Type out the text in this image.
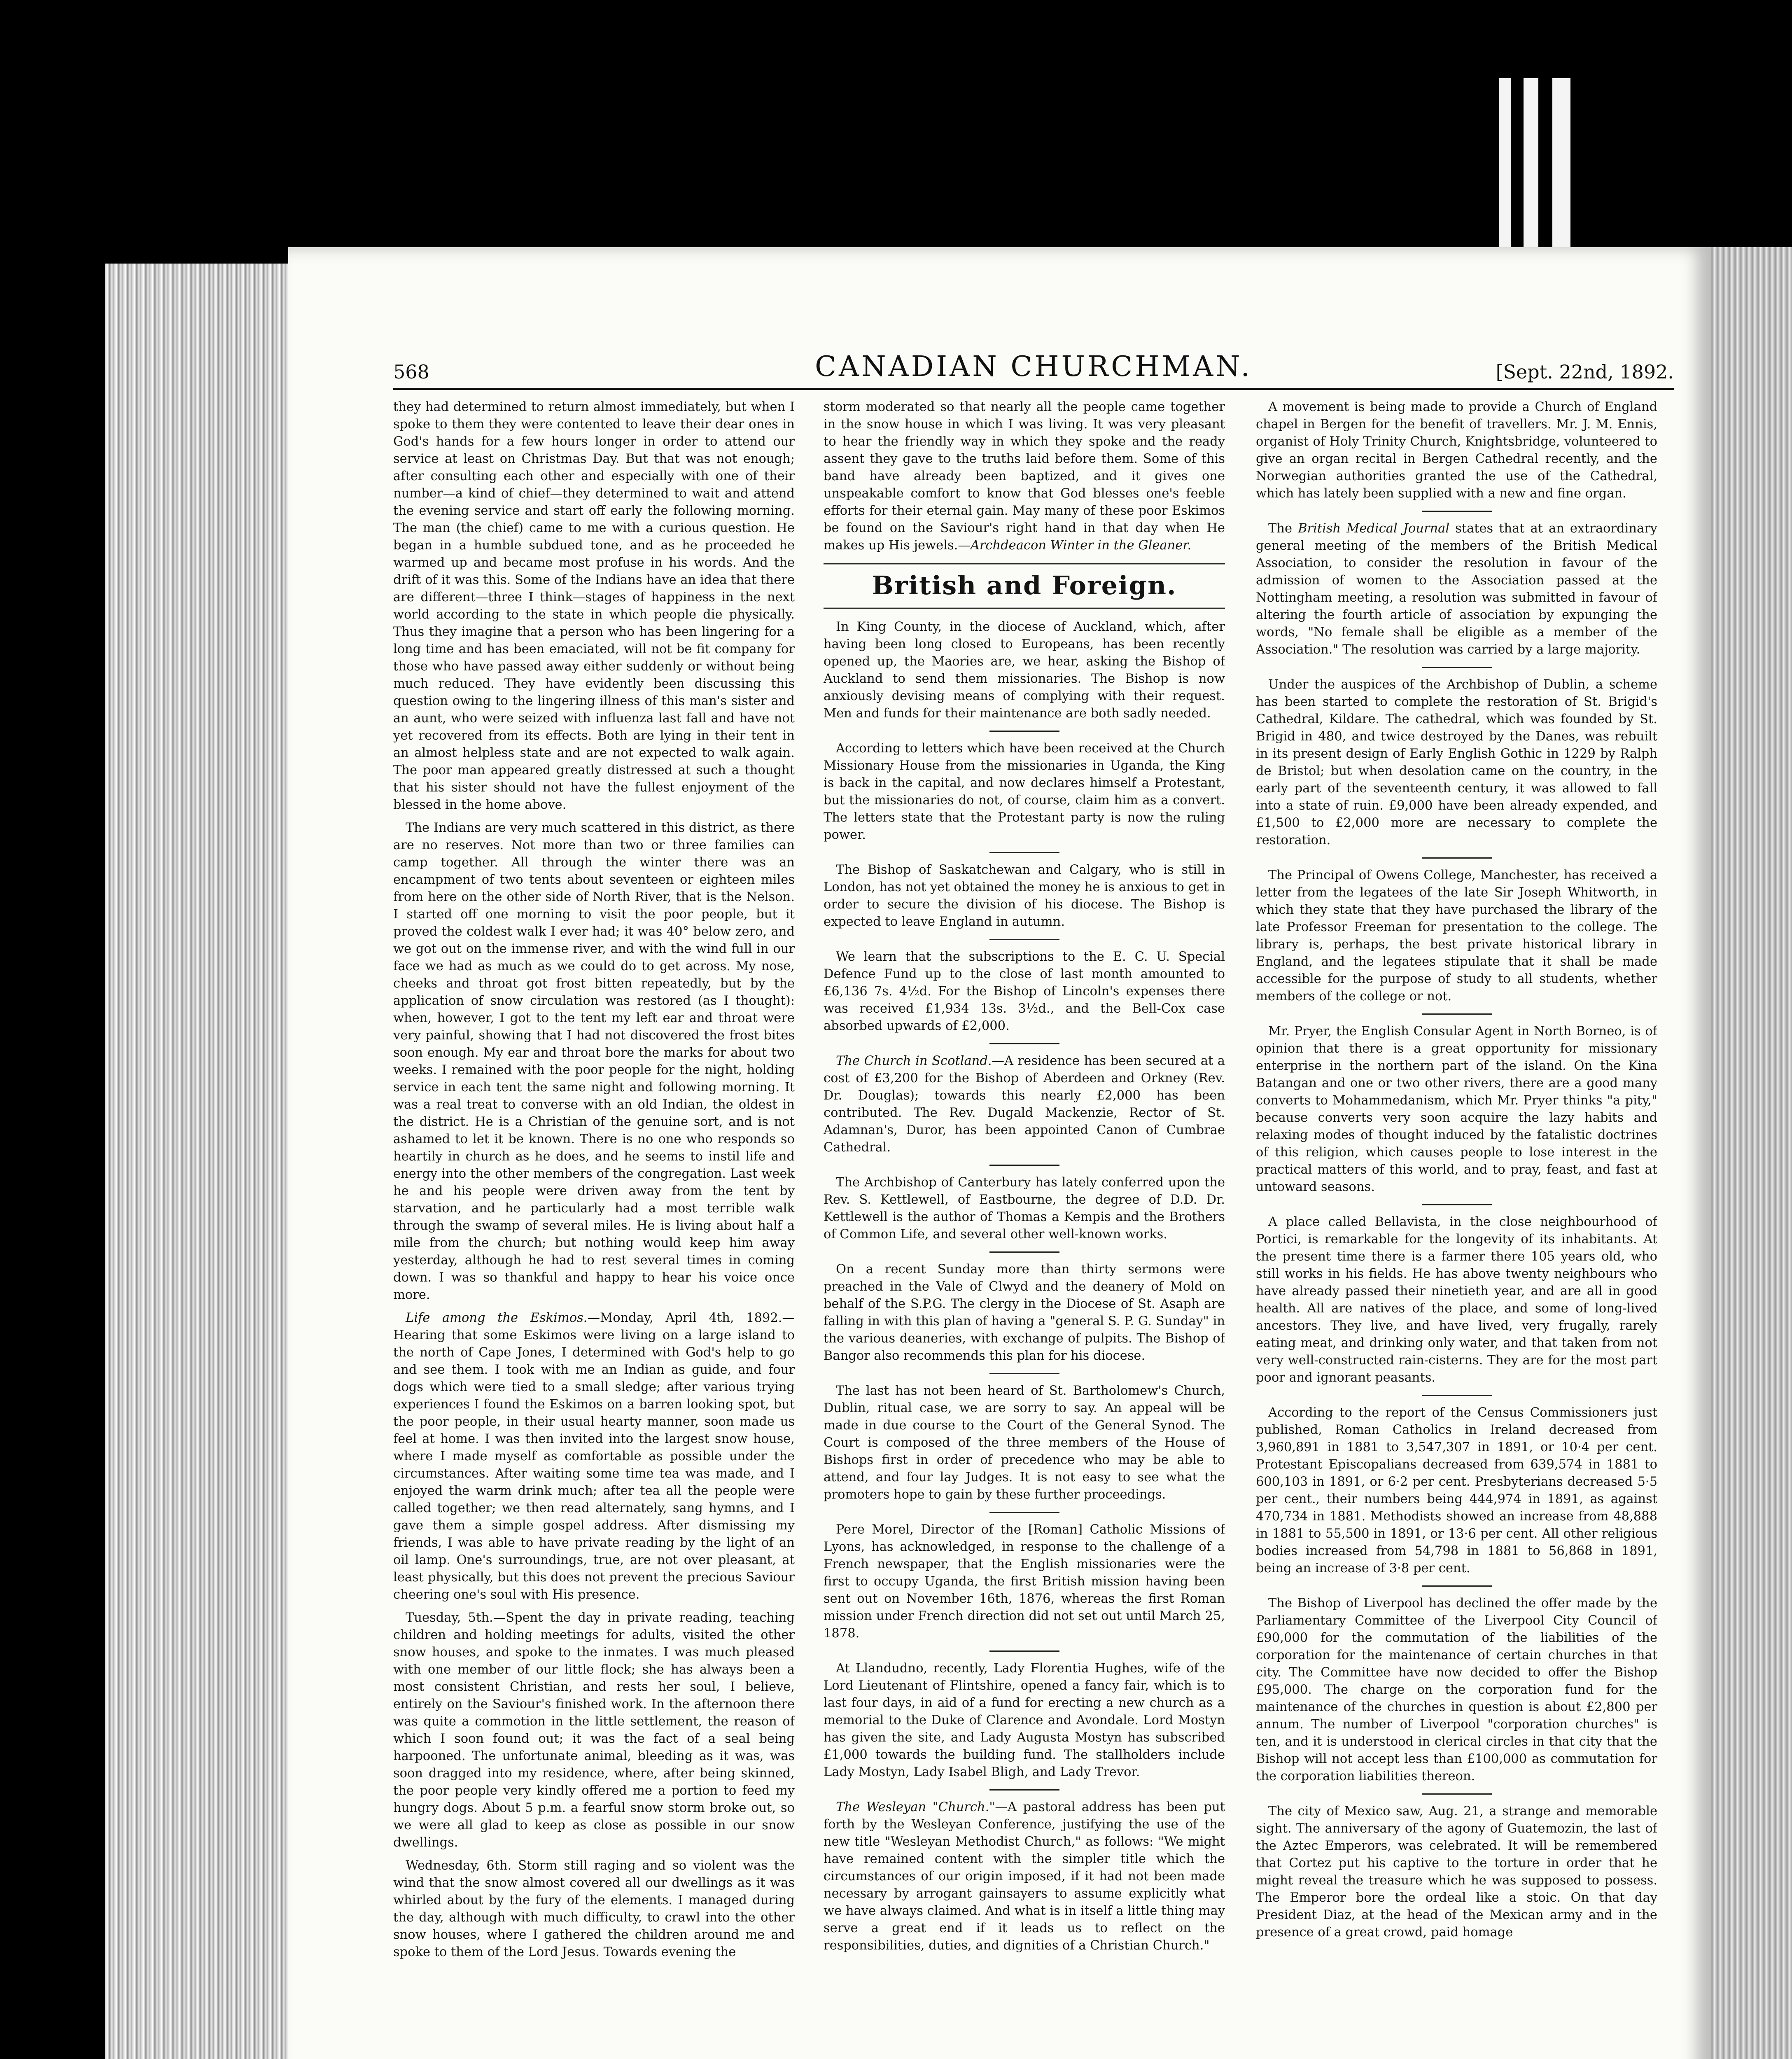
568	CANADIAN CHURCHMAN.	[Sept. 22nd, 1892.

they had determined to return almost immediately, but when I spoke to them they were contented to leave their dear ones in God's hands for a few hours longer in order to attend our service at least on Christmas Day. But that was not enough; after consulting each other and especially with one of their number—a kind of chief—they determined to wait and attend the evening service and start off early the following morning. The man (the chief) came to me with a curious question. He began in a humble subdued tone, and as he proceeded he warmed up and became most profuse in his words. And the drift of it was this. Some of the Indians have an idea that there are different—three I think—stages of happiness in the next world according to the state in which people die physically. Thus they imagine that a person who has been lingering for a long time and has been emaciated, will not be fit company for those who have passed away either suddenly or without being much reduced. They have evidently been discussing this question owing to the lingering illness of this man's sister and an aunt, who were seized with influenza last fall and have not yet recovered from its effects. Both are lying in their tent in an almost helpless state and are not expected to walk again. The poor man appeared greatly distressed at such a thought that his sister should not have the fullest enjoyment of the blessed in the home above.

The Indians are very much scattered in this district, as there are no reserves. Not more than two or three families can camp together. All through the winter there was an encampment of two tents about seventeen or eighteen miles from here on the other side of North River, that is the Nelson. I started off one morning to visit the poor people, but it proved the coldest walk I ever had; it was 40° below zero, and we got out on the immense river, and with the wind full in our face we had as much as we could do to get across. My nose, cheeks and throat got frost bitten repeatedly, but by the application of snow circulation was restored (as I thought): when, however, I got to the tent my left ear and throat were very painful, showing that I had not discovered the frost bites soon enough. My ear and throat bore the marks for about two weeks. I remained with the poor people for the night, holding service in each tent the same night and following morning. It was a real treat to converse with an old Indian, the oldest in the district. He is a Christian of the genuine sort, and is not ashamed to let it be known. There is no one who responds so heartily in church as he does, and he seems to instil life and energy into the other members of the congregation. Last week he and his people were driven away from the tent by starvation, and he particularly had a most terrible walk through the swamp of several miles. He is living about half a mile from the church; but nothing would keep him away yesterday, although he had to rest several times in coming down. I was so thankful and happy to hear his voice once more.

Life among the Eskimos.—Monday, April 4th, 1892.—Hearing that some Eskimos were living on a large island to the north of Cape Jones, I determined with God's help to go and see them. I took with me an Indian as guide, and four dogs which were tied to a small sledge; after various trying experiences I found the Eskimos on a barren looking spot, but the poor people, in their usual hearty manner, soon made us feel at home. I was then invited into the largest snow house, where I made myself as comfortable as possible under the circumstances. After waiting some time tea was made, and I enjoyed the warm drink much; after tea all the people were called together; we then read alternately, sang hymns, and I gave them a simple gospel address. After dismissing my friends, I was able to have private reading by the light of an oil lamp. One's surroundings, true, are not over pleasant, at least physically, but this does not prevent the precious Saviour cheering one's soul with His presence.

Tuesday, 5th.—Spent the day in private reading, teaching children and holding meetings for adults, visited the other snow houses, and spoke to the inmates. I was much pleased with one member of our little flock; she has always been a most consistent Christian, and rests her soul, I believe, entirely on the Saviour's finished work. In the afternoon there was quite a commotion in the little settlement, the reason of which I soon found out; it was the fact of a seal being harpooned. The unfortunate animal, bleeding as it was, was soon dragged into my residence, where, after being skinned, the poor people very kindly offered me a portion to feed my hungry dogs. About 5 p.m. a fearful snow storm broke out, so we were all glad to keep as close as possible in our snow dwellings.

Wednesday, 6th. Storm still raging and so violent was the wind that the snow almost covered all our dwellings as it was whirled about by the fury of the elements. I managed during the day, although with much difficulty, to crawl into the other snow houses, where I gathered the children around me and spoke to them of the Lord Jesus. Towards evening the

storm moderated so that nearly all the people came together in the snow house in which I was living. It was very pleasant to hear the friendly way in which they spoke and the ready assent they gave to the truths laid before them. Some of this band have already been baptized, and it gives one unspeakable comfort to know that God blesses one's feeble efforts for their eternal gain. May many of these poor Eskimos be found on the Saviour's right hand in that day when He makes up His jewels.—Archdeacon Winter in the Gleaner.

British and Foreign.

In King County, in the diocese of Auckland, which, after having been long closed to Europeans, has been recently opened up, the Maories are, we hear, asking the Bishop of Auckland to send them missionaries. The Bishop is now anxiously devising means of complying with their request. Men and funds for their maintenance are both sadly needed.

According to letters which have been received at the Church Missionary House from the missionaries in Uganda, the King is back in the capital, and now declares himself a Protestant, but the missionaries do not, of course, claim him as a convert. The letters state that the Protestant party is now the ruling power.

The Bishop of Saskatchewan and Calgary, who is still in London, has not yet obtained the money he is anxious to get in order to secure the division of his diocese. The Bishop is expected to leave England in autumn.

We learn that the subscriptions to the E. C. U. Special Defence Fund up to the close of last month amounted to £6,136 7s. 4½d. For the Bishop of Lincoln's expenses there was received £1,934 13s. 3½d., and the Bell-Cox case absorbed upwards of £2,000.

The Church in Scotland.—A residence has been secured at a cost of £3,200 for the Bishop of Aberdeen and Orkney (Rev. Dr. Douglas); towards this nearly £2,000 has been contributed. The Rev. Dugald Mackenzie, Rector of St. Adamnan's, Duror, has been appointed Canon of Cumbrae Cathedral.

The Archbishop of Canterbury has lately conferred upon the Rev. S. Kettlewell, of Eastbourne, the degree of D.D. Dr. Kettlewell is the author of Thomas a Kempis and the Brothers of Common Life, and several other well-known works.

On a recent Sunday more than thirty sermons were preached in the Vale of Clwyd and the deanery of Mold on behalf of the S.P.G. The clergy in the Diocese of St. Asaph are falling in with this plan of having a "general S. P. G. Sunday" in the various deaneries, with exchange of pulpits. The Bishop of Bangor also recommends this plan for his diocese.

The last has not been heard of St. Bartholomew's Church, Dublin, ritual case, we are sorry to say. An appeal will be made in due course to the Court of the General Synod. The Court is composed of the three members of the House of Bishops first in order of precedence who may be able to attend, and four lay Judges. It is not easy to see what the promoters hope to gain by these further proceedings.

Pere Morel, Director of the [Roman] Catholic Missions of Lyons, has acknowledged, in response to the challenge of a French newspaper, that the English missionaries were the first to occupy Uganda, the first British mission having been sent out on November 16th, 1876, whereas the first Roman mission under French direction did not set out until March 25, 1878.

At Llandudno, recently, Lady Florentia Hughes, wife of the Lord Lieutenant of Flintshire, opened a fancy fair, which is to last four days, in aid of a fund for erecting a new church as a memorial to the Duke of Clarence and Avondale. Lord Mostyn has given the site, and Lady Augusta Mostyn has subscribed £1,000 towards the building fund. The stallholders include Lady Mostyn, Lady Isabel Bligh, and Lady Trevor.

The Wesleyan "Church."—A pastoral address has been put forth by the Wesleyan Conference, justifying the use of the new title "Wesleyan Methodist Church," as follows: "We might have remained content with the simpler title which the circumstances of our origin imposed, if it had not been made necessary by arrogant gainsayers to assume explicitly what we have always claimed. And what is in itself a little thing may serve a great end if it leads us to reflect on the responsibilities, duties, and dignities of a Christian Church."

A movement is being made to provide a Church of England chapel in Bergen for the benefit of travellers. Mr. J. M. Ennis, organist of Holy Trinity Church, Knightsbridge, volunteered to give an organ recital in Bergen Cathedral recently, and the Norwegian authorities granted the use of the Cathedral, which has lately been supplied with a new and fine organ.

The British Medical Journal states that at an extraordinary general meeting of the members of the British Medical Association, to consider the resolution in favour of the admission of women to the Association passed at the Nottingham meeting, a resolution was submitted in favour of altering the fourth article of association by expunging the words, "No female shall be eligible as a member of the Association." The resolution was carried by a large majority.

Under the auspices of the Archbishop of Dublin, a scheme has been started to complete the restoration of St. Brigid's Cathedral, Kildare. The cathedral, which was founded by St. Brigid in 480, and twice destroyed by the Danes, was rebuilt in its present design of Early English Gothic in 1229 by Ralph de Bristol; but when desolation came on the country, in the early part of the seventeenth century, it was allowed to fall into a state of ruin. £9,000 have been already expended, and £1,500 to £2,000 more are necessary to complete the restoration.

The Principal of Owens College, Manchester, has received a letter from the legatees of the late Sir Joseph Whitworth, in which they state that they have purchased the library of the late Professor Freeman for presentation to the college. The library is, perhaps, the best private historical library in England, and the legatees stipulate that it shall be made accessible for the purpose of study to all students, whether members of the college or not.

Mr. Pryer, the English Consular Agent in North Borneo, is of opinion that there is a great opportunity for missionary enterprise in the northern part of the island. On the Kina Batangan and one or two other rivers, there are a good many converts to Mohammedanism, which Mr. Pryer thinks "a pity," because converts very soon acquire the lazy habits and relaxing modes of thought induced by the fatalistic doctrines of this religion, which causes people to lose interest in the practical matters of this world, and to pray, feast, and fast at untoward seasons.

A place called Bellavista, in the close neighbourhood of Portici, is remarkable for the longevity of its inhabitants. At the present time there is a farmer there 105 years old, who still works in his fields. He has above twenty neighbours who have already passed their ninetieth year, and are all in good health. All are natives of the place, and some of long-lived ancestors. They live, and have lived, very frugally, rarely eating meat, and drinking only water, and that taken from not very well-constructed rain-cisterns. They are for the most part poor and ignorant peasants.

According to the report of the Census Commissioners just published, Roman Catholics in Ireland decreased from 3,960,891 in 1881 to 3,547,307 in 1891, or 10·4 per cent. Protestant Episcopalians decreased from 639,574 in 1881 to 600,103 in 1891, or 6·2 per cent. Presbyterians decreased 5·5 per cent., their numbers being 444,974 in 1891, as against 470,734 in 1881. Methodists showed an increase from 48,888 in 1881 to 55,500 in 1891, or 13·6 per cent. All other religious bodies increased from 54,798 in 1881 to 56,868 in 1891, being an increase of 3·8 per cent.

The Bishop of Liverpool has declined the offer made by the Parliamentary Committee of the Liverpool City Council of £90,000 for the commutation of the liabilities of the corporation for the maintenance of certain churches in that city. The Committee have now decided to offer the Bishop £95,000. The charge on the corporation fund for the maintenance of the churches in question is about £2,800 per annum. The number of Liverpool "corporation churches" is ten, and it is understood in clerical circles in that city that the Bishop will not accept less than £100,000 as commutation for the corporation liabilities thereon.

The city of Mexico saw, Aug. 21, a strange and memorable sight. The anniversary of the agony of Guatemozin, the last of the Aztec Emperors, was celebrated. It will be remembered that Cortez put his captive to the torture in order that he might reveal the treasure which he was supposed to possess. The Emperor bore the ordeal like a stoic. On that day President Diaz, at the head of the Mexican army and in the presence of a great crowd, paid homage
